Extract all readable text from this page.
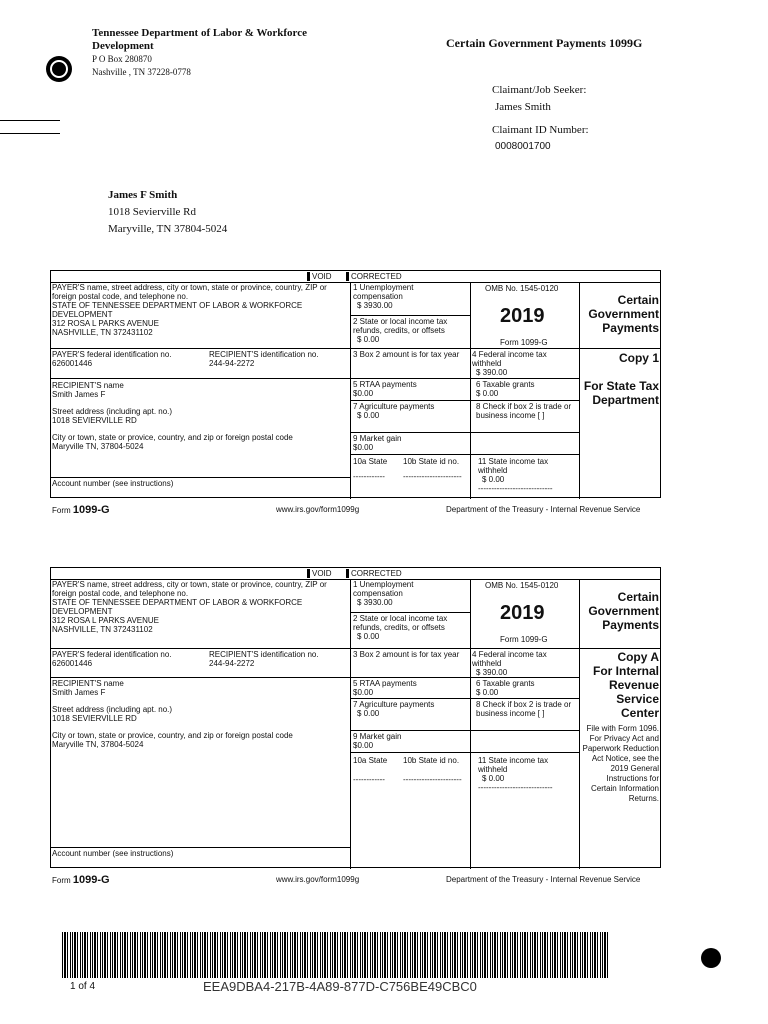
Tennessee Department of Labor & Workforce
Development
P O Box 280870
Nashville , TN 37228-0778
Certain Government Payments 1099G
Claimant/Job Seeker:
James Smith
Claimant ID Number:
0008001700
James F Smith
1018 Sevierville Rd
Maryville, TN 37804-5024
VOID	CORRECTED
PAYER'S name, street address, city or town, state or province, country, ZIP or foreign postal code, and telephone no.
STATE OF TENNESSEE DEPARTMENT OF LABOR & WORKFORCE DEVELOPMENT
312 ROSA L PARKS AVENUE
NASHVILLE, TN 372431102
1 Unemployment compensation
$ 3930.00
2 State or local income tax refunds, credits, or offsets
$ 0.00
OMB No. 1545-0120
2019
Form 1099-G
Certain Government Payments
PAYER'S federal identification no.
626001446
RECIPIENT'S identification no.
244-94-2272
3 Box 2 amount is for tax year	4 Federal income tax withheld
$ 390.00
Copy 1
For State Tax Department
RECIPIENT'S name
Smith James F
Street address (including apt. no.)
1018 SEVIERVILLE RD
City or town, state or provice, country, and zip or foreign postal code
Maryville TN, 37804-5024
5 RTAA payments
$0.00
6 Taxable grants
$ 0.00
7 Agriculture payments
$ 0.00
8 Check if box 2 is trade or business income [ ]
9 Market gain
$0.00
10a State
------------
10b State id no.
----------------------
11 State income tax withheld
$ 0.00
----------------------------
Account number (see instructions)
Form 1099-G	www.irs.gov/form1099g	Department of the Treasury - Internal Revenue Service
VOID	CORRECTED
PAYER'S name, street address, city or town, state or province, country, ZIP or foreign postal code, and telephone no.
STATE OF TENNESSEE DEPARTMENT OF LABOR & WORKFORCE DEVELOPMENT
312 ROSA L PARKS AVENUE
NASHVILLE, TN 372431102
1 Unemployment compensation
$ 3930.00
2 State or local income tax refunds, credits, or offsets
$ 0.00
OMB No. 1545-0120
2019
Form 1099-G
Certain Government Payments
PAYER'S federal identification no.
626001446
RECIPIENT'S identification no.
244-94-2272
3 Box 2 amount is for tax year	4 Federal income tax withheld
$ 390.00
Copy A
For Internal Revenue Service Center
File with Form 1096. For Privacy Act and Paperwork Reduction Act Notice, see the 2019 General Instructions for Certain Information Returns.
RECIPIENT'S name
Smith James F
Street address (including apt. no.)
1018 SEVIERVILLE RD
City or town, state or provice, country, and zip or foreign postal code
Maryville TN, 37804-5024
5 RTAA payments
$0.00
6 Taxable grants
$ 0.00
7 Agriculture payments
$ 0.00
8 Check if box 2 is trade or business income [ ]
9 Market gain
$0.00
10a State
------------
10b State id no.
----------------------
11 State income tax withheld
$ 0.00
----------------------------
Account number (see instructions)
Form 1099-G	www.irs.gov/form1099g	Department of the Treasury - Internal Revenue Service
1 of 4	EEA9DBA4-217B-4A89-877D-C756BE49CBC0
